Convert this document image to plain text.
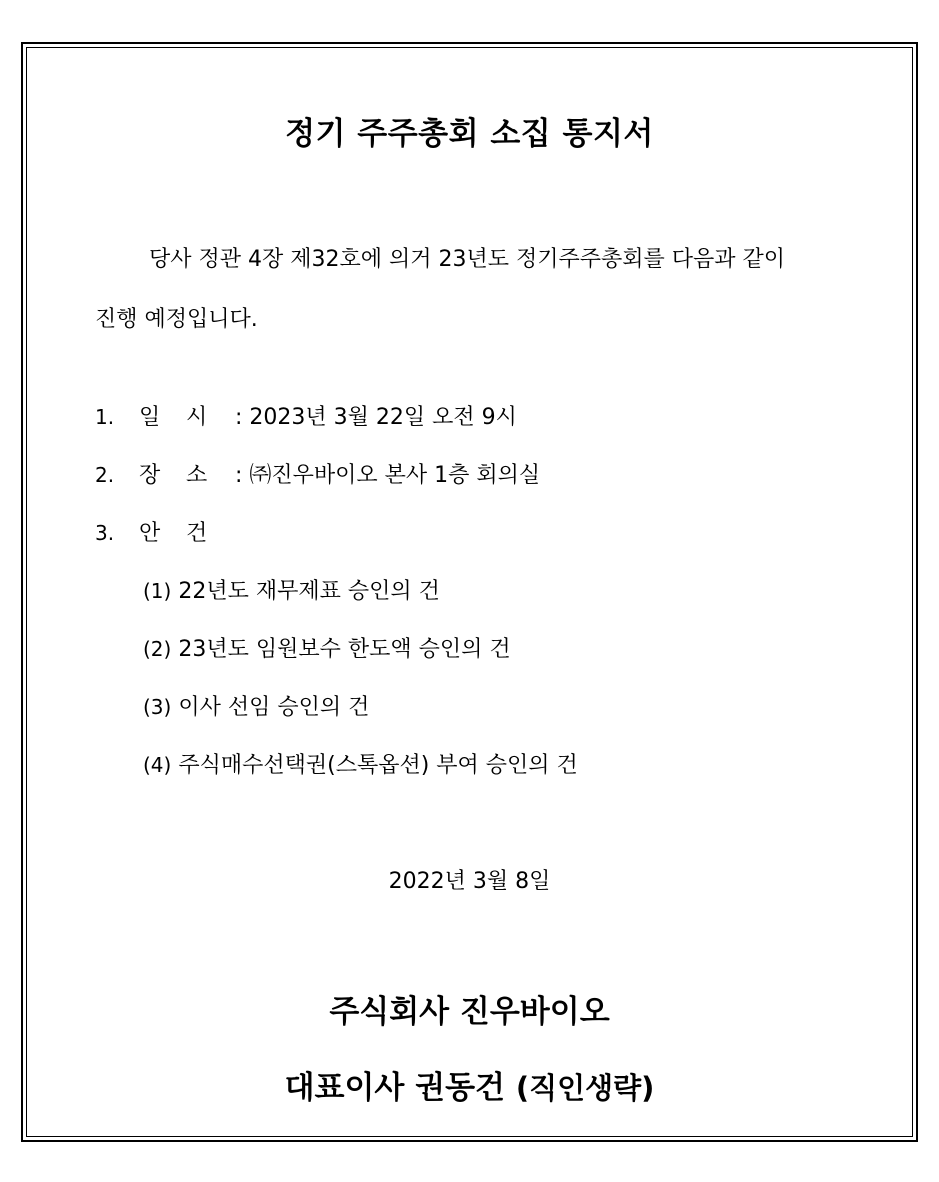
정기 주주총회 소집 통지서
당사 정관 4장 제32호에 의거 23년도 정기주주총회를 다음과 같이
진행 예정입니다.
1. 일 시 : 2023년 3월 22일 오전 9시
2. 장 소 : ㈜진우바이오 본사 1층 회의실
3. 안 건
(1) 22년도 재무제표 승인의 건
(2) 23년도 임원보수 한도액 승인의 건
(3) 이사 선임 승인의 건
(4) 주식매수선택권(스톡옵션) 부여 승인의 건
2022년 3월 8일
주식회사 진우바이오
대표이사 권동건 (직인생략)
